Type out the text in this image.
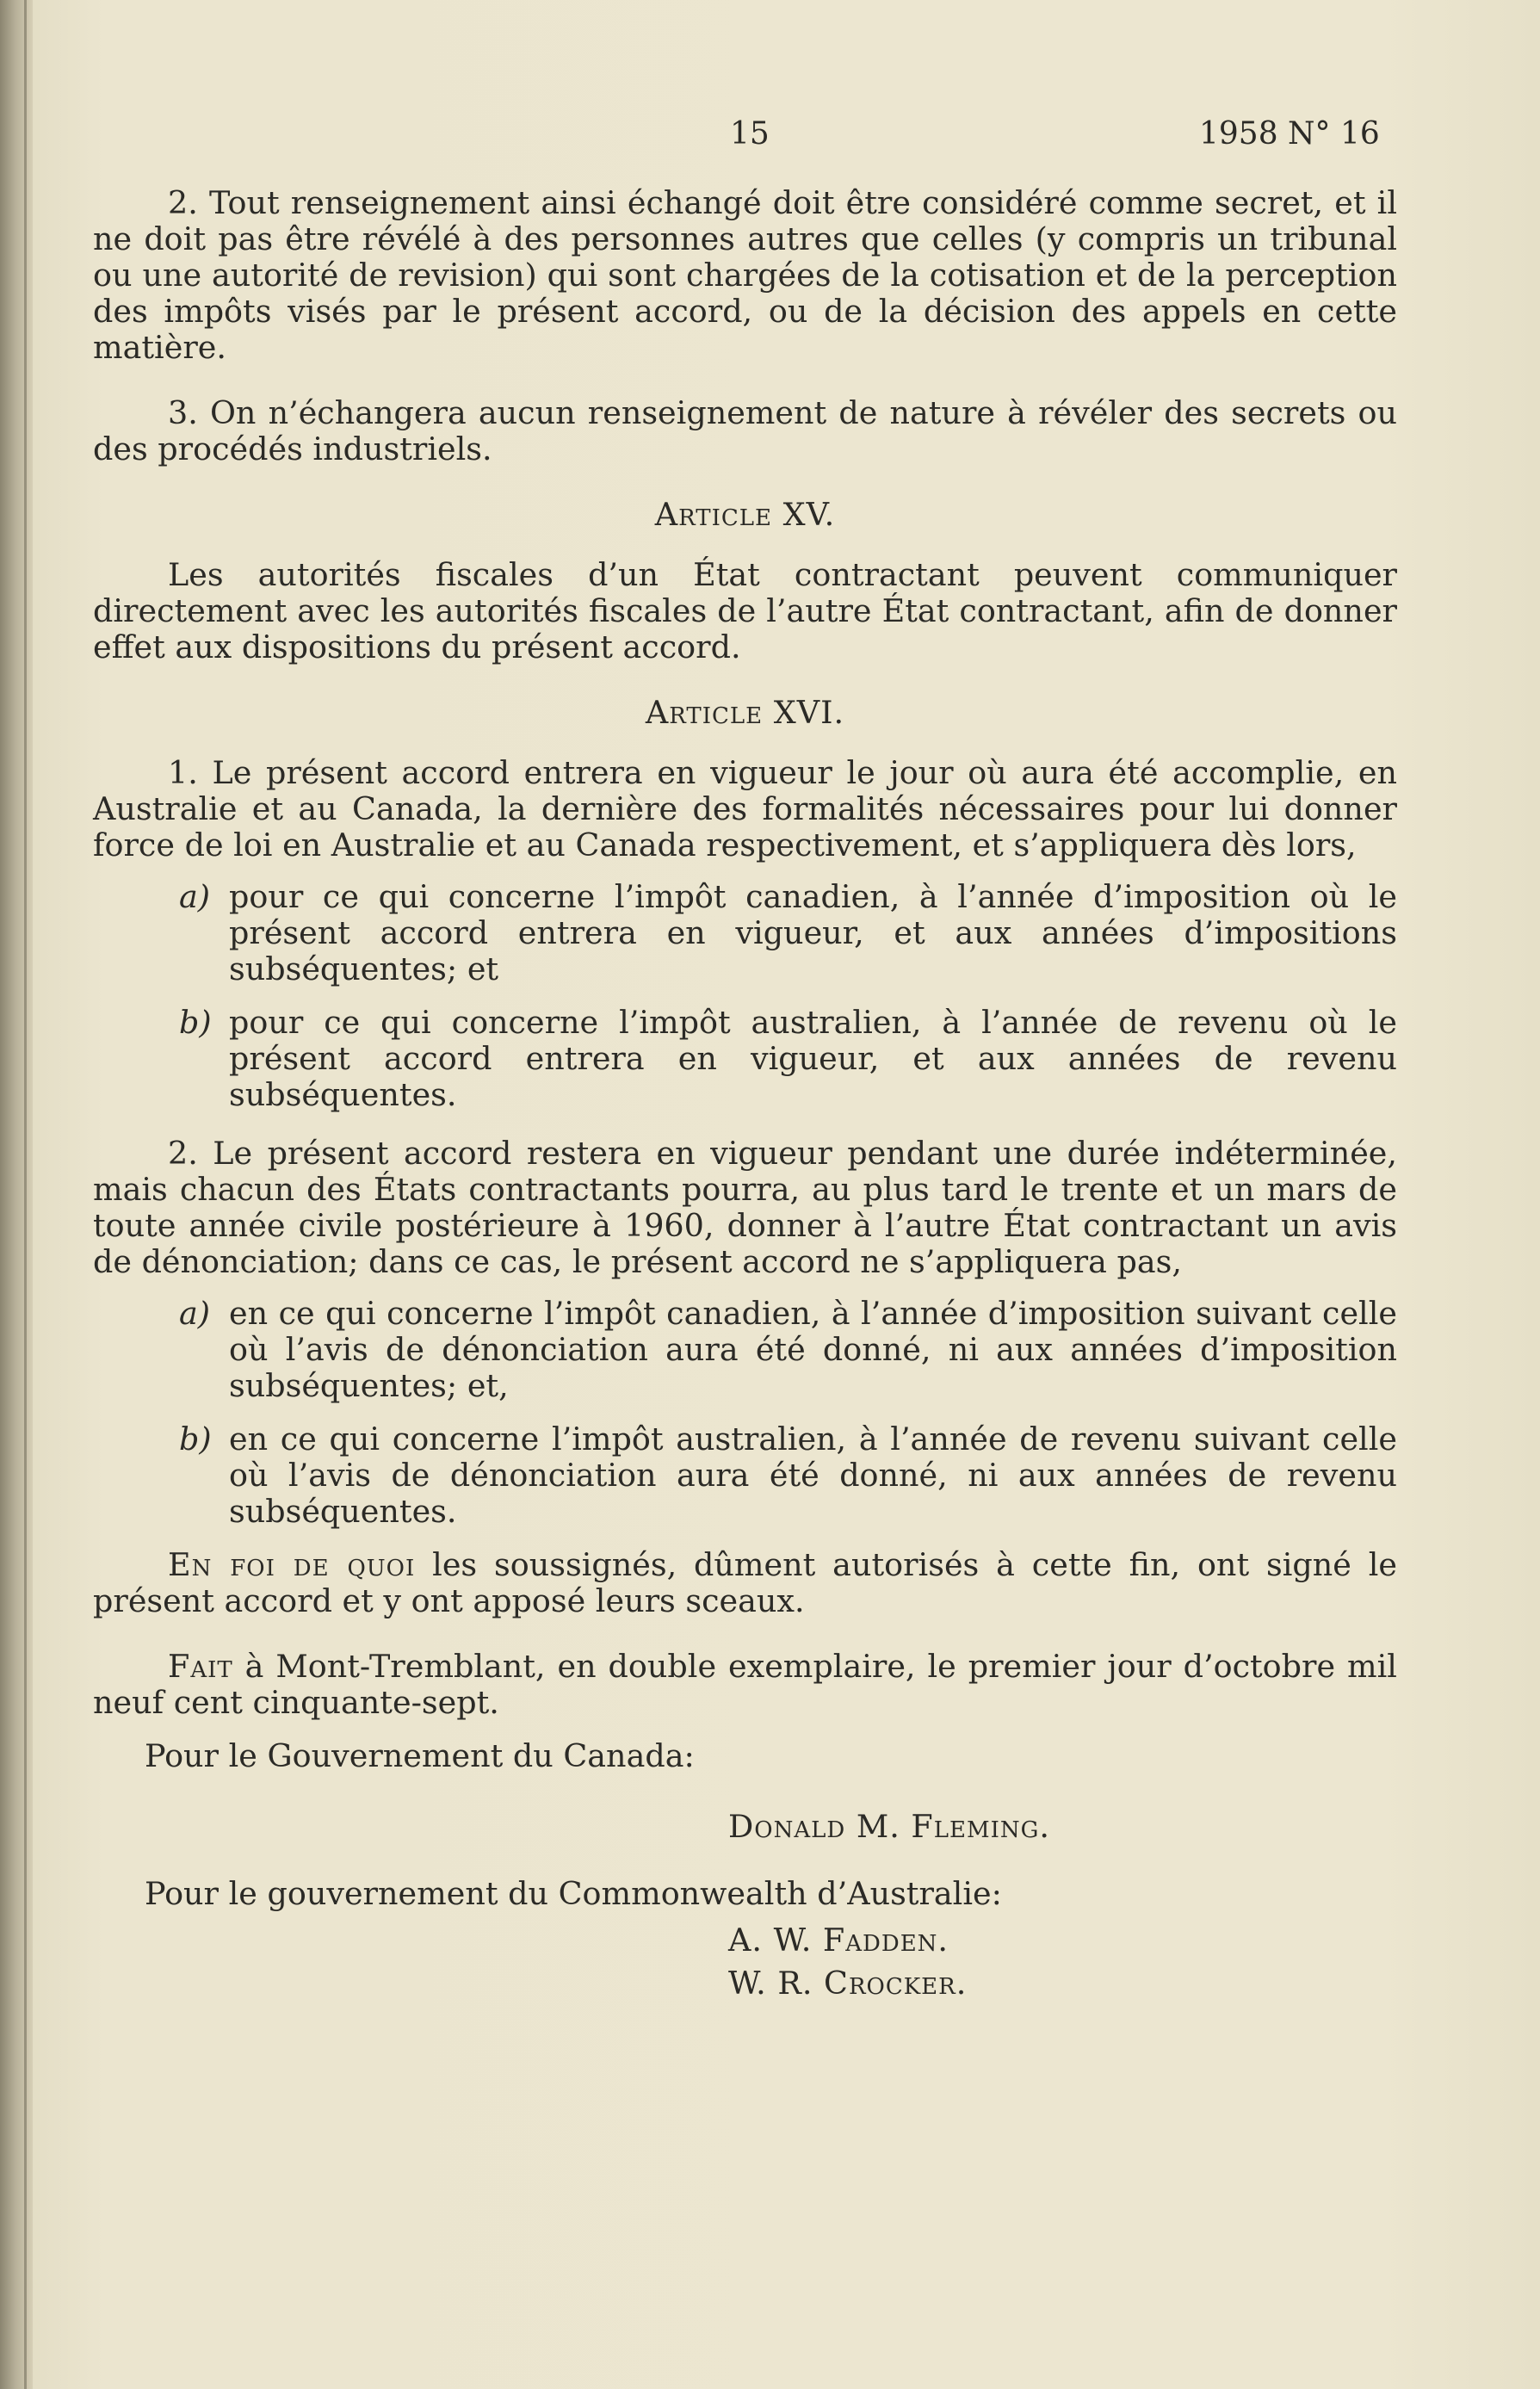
15	1958 N° 16

2. Tout renseignement ainsi échangé doit être considéré comme secret, et il ne doit pas être révélé à des personnes autres que celles (y compris un tribunal ou une autorité de revision) qui sont chargées de la cotisation et de la perception des impôts visés par le présent accord, ou de la décision des appels en cette matière.

3. On n’échangera aucun renseignement de nature à révéler des secrets ou des procédés industriels.

Article XV.

Les autorités fiscales d’un État contractant peuvent communiquer directement avec les autorités fiscales de l’autre État contractant, afin de donner effet aux dispositions du présent accord.

Article XVI.

1. Le présent accord entrera en vigueur le jour où aura été accomplie, en Australie et au Canada, la dernière des formalités nécessaires pour lui donner force de loi en Australie et au Canada respectivement, et s’appliquera dès lors,

a) pour ce qui concerne l’impôt canadien, à l’année d’imposition où le présent accord entrera en vigueur, et aux années d’impositions subséquentes; et
b) pour ce qui concerne l’impôt australien, à l’année de revenu où le présent accord entrera en vigueur, et aux années de revenu subséquentes.

2. Le présent accord restera en vigueur pendant une durée indéterminée, mais chacun des États contractants pourra, au plus tard le trente et un mars de toute année civile postérieure à 1960, donner à l’autre État contractant un avis de dénonciation; dans ce cas, le présent accord ne s’appliquera pas,

a) en ce qui concerne l’impôt canadien, à l’année d’imposition suivant celle où l’avis de dénonciation aura été donné, ni aux années d’imposition subséquentes; et,
b) en ce qui concerne l’impôt australien, à l’année de revenu suivant celle où l’avis de dénonciation aura été donné, ni aux années de revenu subséquentes.

En foi de quoi les soussignés, dûment autorisés à cette fin, ont signé le présent accord et y ont apposé leurs sceaux.

Fait à Mont-Tremblant, en double exemplaire, le premier jour d’octobre mil neuf cent cinquante-sept.

Pour le Gouvernement du Canada:

Donald M. Fleming.

Pour le gouvernement du Commonwealth d’Australie:

A. W. Fadden.

W. R. Crocker.
